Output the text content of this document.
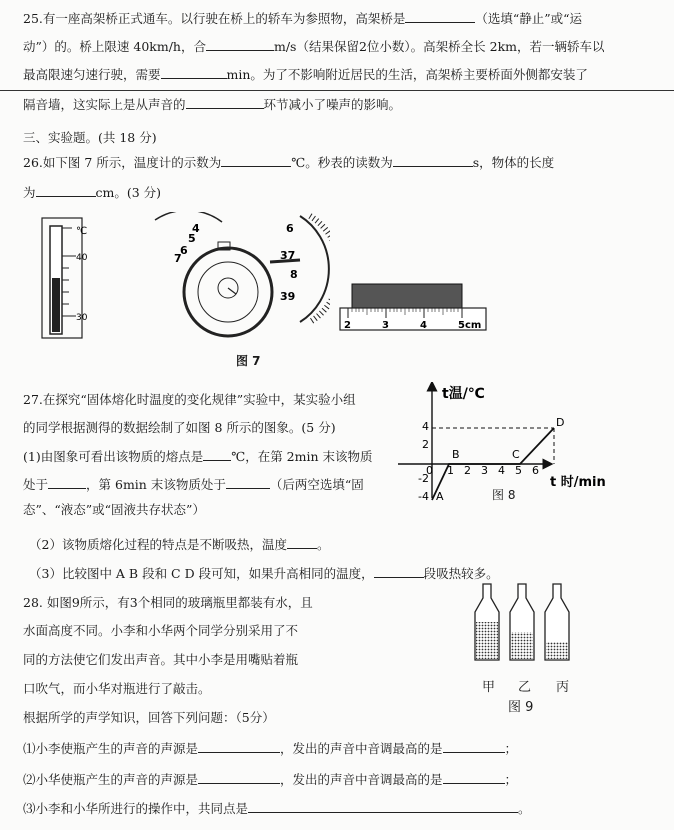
25.有一座高架桥正式通车。以行驶在桥上的轿车为参照物，高架桥是	（选填“静止”或“运
动”）的。桥上限速 40km/h，合	m/s（结果保留2位小数）。高架桥全长 2km，若一辆轿车以
最高限速匀速行驶，需要	min。为了不影响附近居民的生活，高架桥主要桥面外侧都安装了
隔音墙，这实际上是从声音的	环节减小了噪声的影响。
三、实验题。(共 18 分)
26.如下图 7 所示，温度计的示数为	℃。秒表的读数为	s，物体的长度
为	cm。(3 分)
℃
40
30
7
6
5
4	6
37
8
39
2	3	4	5cm
图 7
27.在探究“固体熔化时温度的变化规律”实验中，某实验小组
的同学根据测得的数据绘制了如图 8 所示的图象。(5 分)
(1)由图象可看出该物质的熔点是 ℃，在第 2min 末该物质
处于	，第 6min 末该物质处于	（后两空选填“固
态”、“液态”或“固液共存状态”）
（2）该物质熔化过程的特点是不断吸热，温度 。
（3）比较图中 A B 段和 C D 段可知，如果升高相同的温度，	段吸热较多。
t温/℃
t 时/min
4
2
-2
-4
0 1 2 3 4 5 6
A
B	C
D
图 8
28. 如图9所示，有3个相同的玻璃瓶里都装有水，且
水面高度不同。小李和小华两个同学分别采用了不
同的方法使它们发出声音。其中小李是用嘴贴着瓶
口吹气，而小华对瓶进行了敲击。
根据所学的声学知识，回答下列问题：（5分）
⑴小李使瓶产生的声音的声源是	，发出的声音中音调最高的是	；
⑵小华使瓶产生的声音的声源是	，发出的声音中音调最高的是	；
⑶小李和小华所进行的操作中，共同点是	。
甲 乙 丙
图 9
